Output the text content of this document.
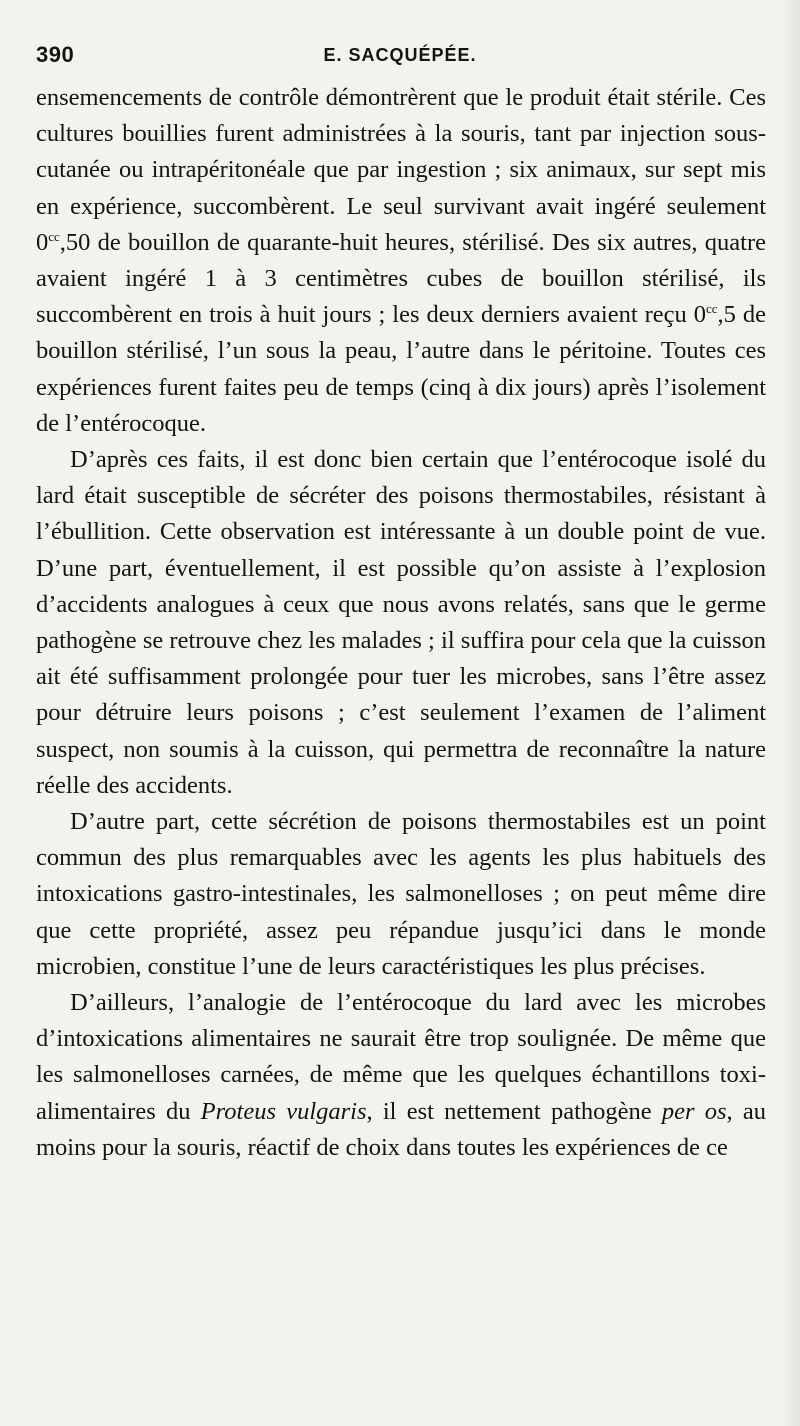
390	E. SACQUÉPÉE.

ensemencements de contrôle démontrèrent que le produit était stérile. Ces cultures bouillies furent administrées à la souris, tant par injection sous-cutanée ou intrapéritonéale que par ingestion ; six animaux, sur sept mis en expérience, succombèrent. Le seul survivant avait ingéré seulement $0^{cc},50$ de bouillon de quarante-huit heures, stérilisé. Des six autres, quatre avaient ingéré 1 à 3 centimètres cubes de bouillon stérilisé, ils succombèrent en trois à huit jours ; les deux derniers avaient reçu $0^{cc},5$ de bouillon stérilisé, l’un sous la peau, l’autre dans le péritoine. Toutes ces expériences furent faites peu de temps (cinq à dix jours) après l’isolement de l’entérocoque.

D’après ces faits, il est donc bien certain que l’entérocoque isolé du lard était susceptible de sécréter des poisons thermostabiles, résistant à l’ébullition. Cette observation est intéressante à un double point de vue. D’une part, éventuellement, il est possible qu’on assiste à l’explosion d’accidents analogues à ceux que nous avons relatés, sans que le germe pathogène se retrouve chez les malades ; il suffira pour cela que la cuisson ait été suffisamment prolongée pour tuer les microbes, sans l’être assez pour détruire leurs poisons ; c’est seulement l’examen de l’aliment suspect, non soumis à la cuisson, qui permettra de reconnaître la nature réelle des accidents.

D’autre part, cette sécrétion de poisons thermostabiles est un point commun des plus remarquables avec les agents les plus habituels des intoxications gastro-intestinales, les salmonelloses ; on peut même dire que cette propriété, assez peu répandue jusqu’ici dans le monde microbien, constitue l’une de leurs caractéristiques les plus précises.

D’ailleurs, l’analogie de l’entérocoque du lard avec les microbes d’intoxications alimentaires ne saurait être trop soulignée. De même que les salmonelloses carnées, de même que les quelques échantillons toxi-alimentaires du Proteus vulgaris, il est nettement pathogène per os, au moins pour la souris, réactif de choix dans toutes les expériences de ce
